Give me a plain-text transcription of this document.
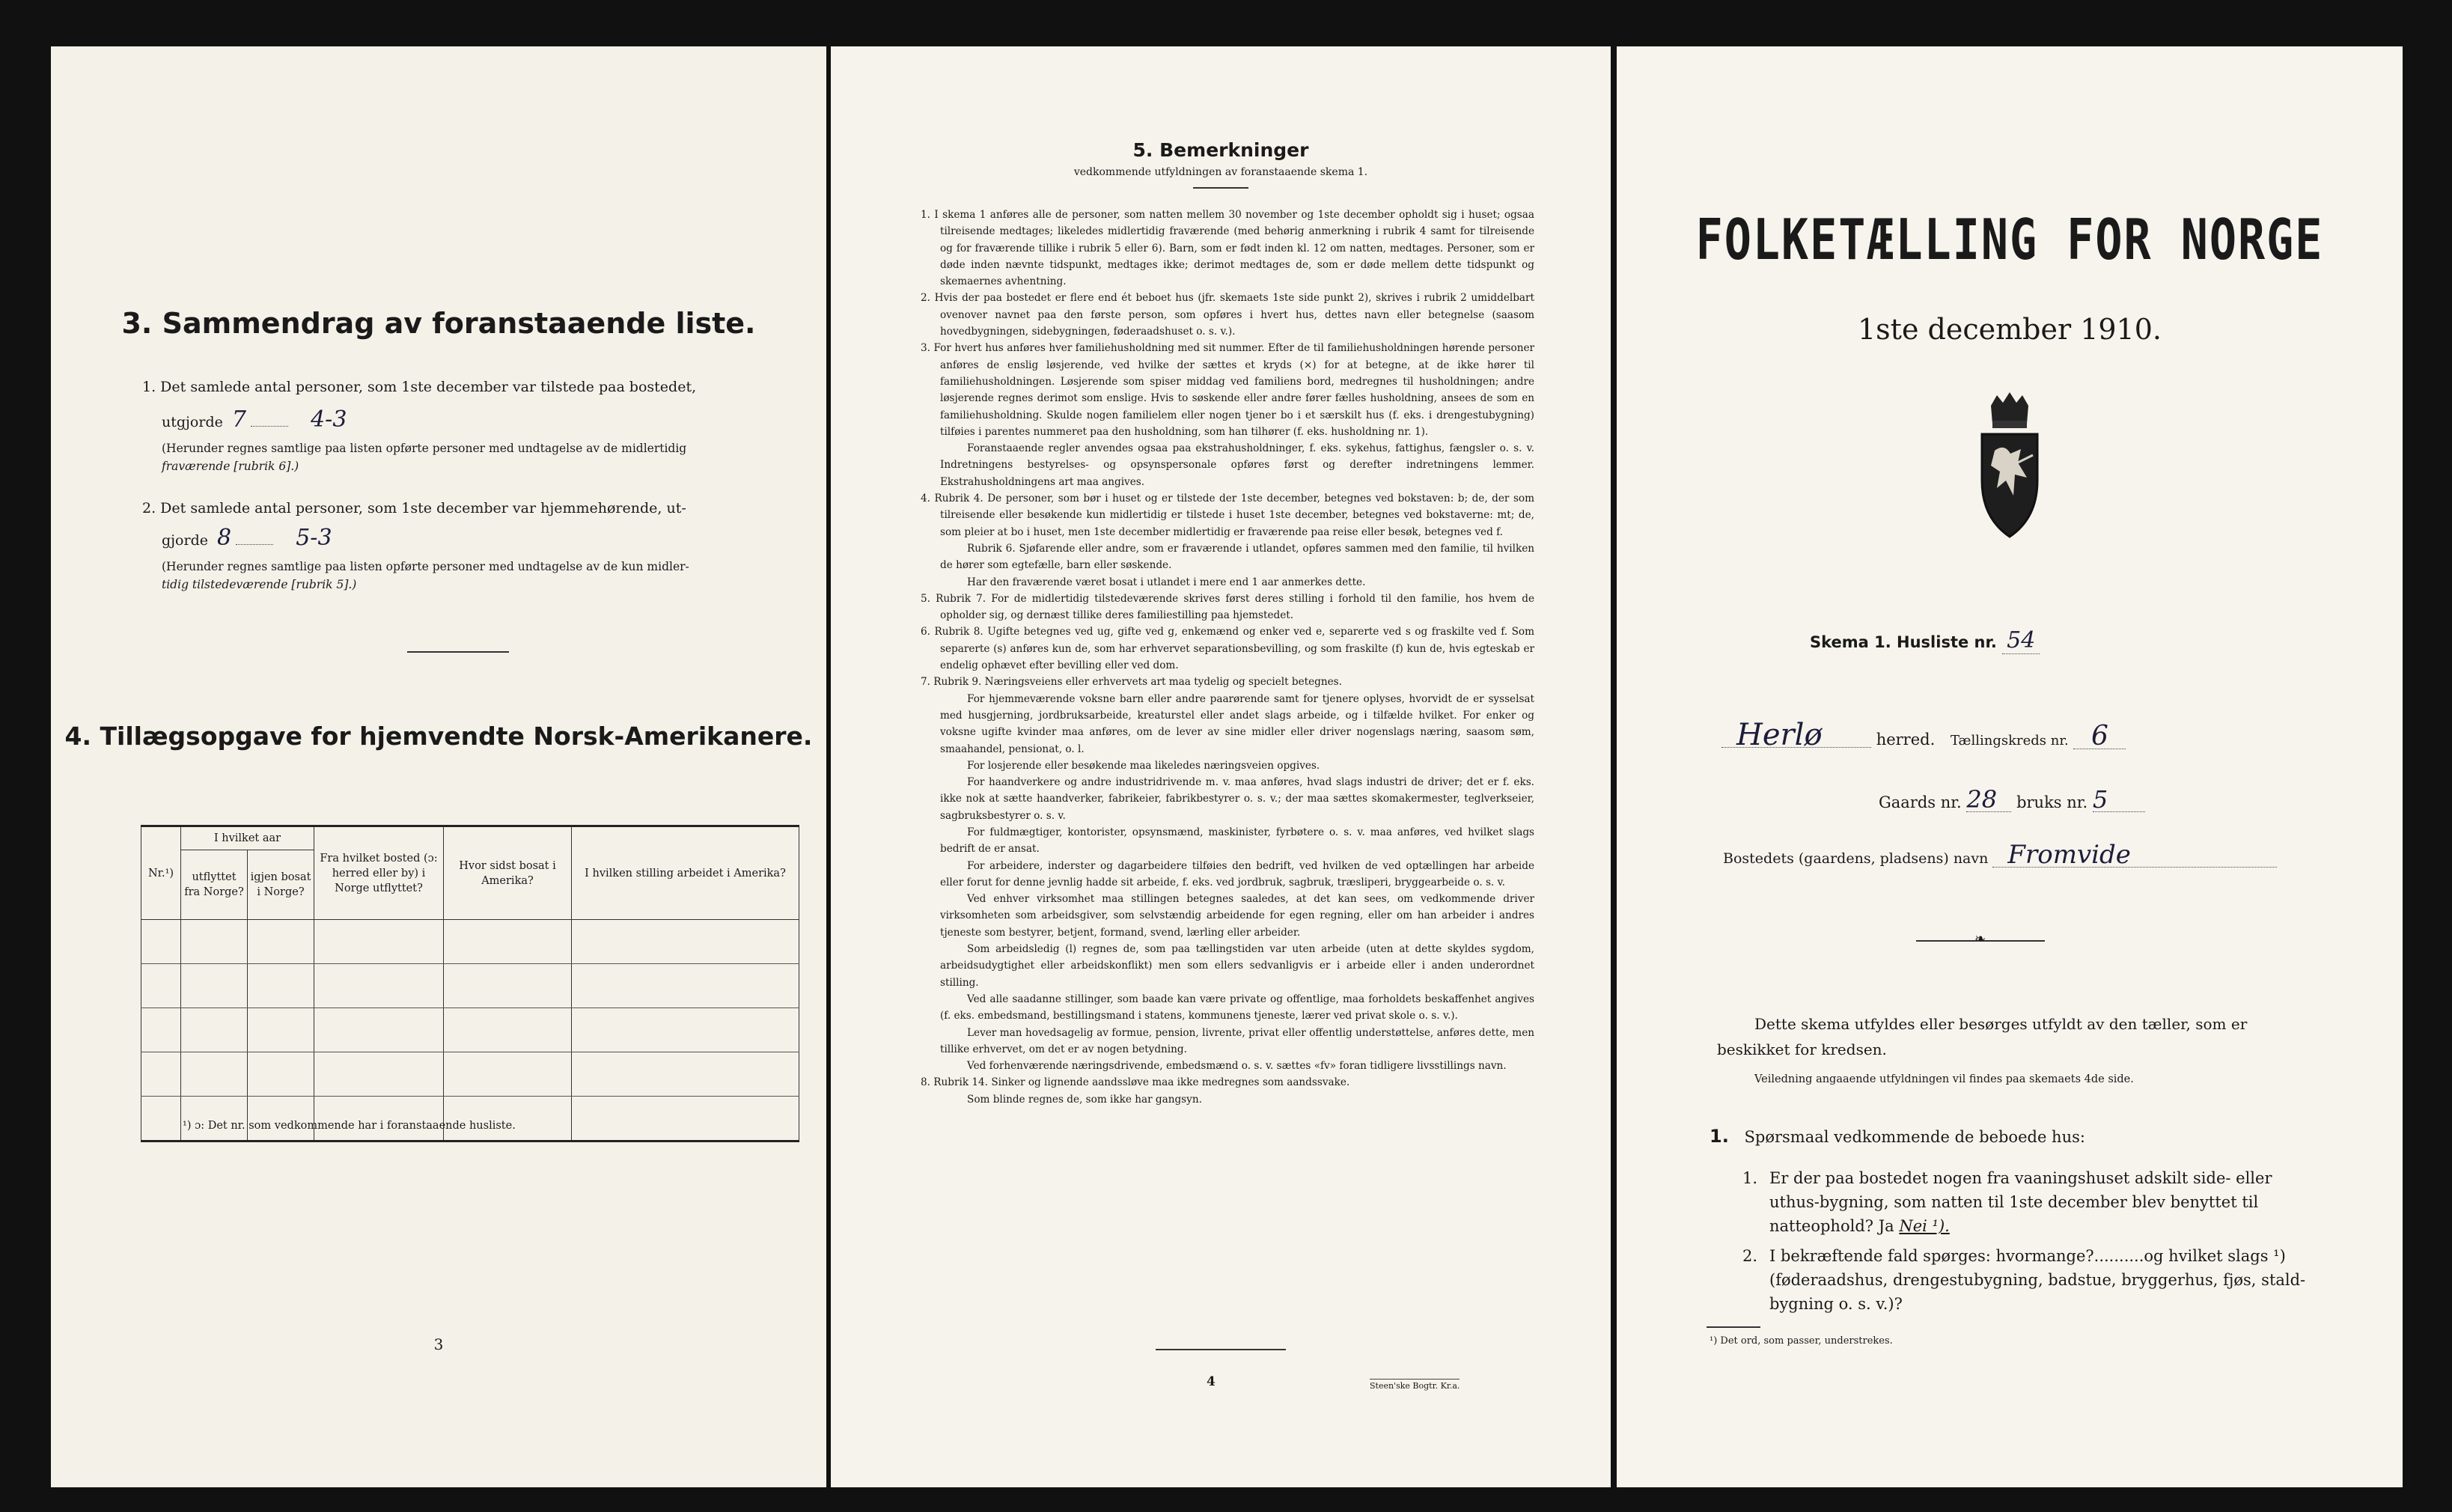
3. Sammendrag av foranstaaende liste.
1. Det samlede antal personer, som 1ste december var tilstede paa bostedet,
utgjorde 7	4-3
(Herunder regnes samtlige paa listen opførte personer med undtagelse av de midlertidig
fraværende [rubrik 6].)
2. Det samlede antal personer, som 1ste december var hjemmehørende, ut-
gjorde 8	5-3
(Herunder regnes samtlige paa listen opførte personer med undtagelse av de kun midler-
tidig tilstedeværende [rubrik 5].)
4. Tillægsopgave for hjemvendte Norsk-Amerikanere.
Nr.¹)	I hvilket aar		Fra hvilket bosted (ɔ: herred eller by) i Norge utflyttet?	Hvor sidst bosat i Amerika?	I hvilken stilling arbeidet i Amerika?
	utflyttet fra Norge?	igjen bosat i Norge?			

¹) ɔ: Det nr. som vedkommende har i foranstaaende husliste.
3
5. Bemerkninger
vedkommende utfyldningen av foranstaaende skema 1.

1. I skema 1 anføres alle de personer, som natten mellem 30 november og 1ste december opholdt sig i huset; ogsaa tilreisende medtages; likeledes midlertidig fraværende (med behørig anmerkning i rubrik 4 samt for tilreisende og for fraværende tillike i rubrik 5 eller 6). Barn, som er født inden kl. 12 om natten, medtages. Personer, som er døde inden nævnte tidspunkt, medtages ikke; derimot medtages de, som er døde mellem dette tidspunkt og skemaernes avhentning.

2. Hvis der paa bostedet er flere end ét beboet hus (jfr. skemaets 1ste side punkt 2), skrives i rubrik 2 umiddelbart ovenover navnet paa den første person, som opføres i hvert hus, dettes navn eller betegnelse (saasom hovedbygningen, sidebygningen, føderaadshuset o. s. v.).

3. For hvert hus anføres hver familiehusholdning med sit nummer. Efter de til familiehusholdningen hørende personer anføres de enslig løsjerende, ved hvilke der sættes et kryds (×) for at betegne, at de ikke hører til familiehusholdningen. Løsjerende som spiser middag ved familiens bord, medregnes til husholdningen; andre løsjerende regnes derimot som enslige. Hvis to søskende eller andre fører fælles husholdning, ansees de som en familiehusholdning. Skulde nogen familielem eller nogen tjener bo i et særskilt hus (f. eks. i drengestubygning) tilføies i parentes nummeret paa den husholdning, som han tilhører (f. eks. husholdning nr. 1).

Foranstaaende regler anvendes ogsaa paa ekstrahusholdninger, f. eks. sykehus, fattighus, fængsler o. s. v. Indretningens bestyrelses- og opsynspersonale opføres først og derefter indretningens lemmer. Ekstrahusholdningens art maa angives.

4. Rubrik 4. De personer, som bør i huset og er tilstede der 1ste december, betegnes ved bokstaven: b; de, der som tilreisende eller besøkende kun midlertidig er tilstede i huset 1ste december, betegnes ved bokstaverne: mt; de, som pleier at bo i huset, men 1ste december midlertidig er fraværende paa reise eller besøk, betegnes ved f.

Rubrik 6. Sjøfarende eller andre, som er fraværende i utlandet, opføres sammen med den familie, til hvilken de hører som egtefælle, barn eller søskende.

Har den fraværende været bosat i utlandet i mere end 1 aar anmerkes dette.

5. Rubrik 7. For de midlertidig tilstedeværende skrives først deres stilling i forhold til den familie, hos hvem de opholder sig, og dernæst tillike deres familiestilling paa hjemstedet.

6. Rubrik 8. Ugifte betegnes ved ug, gifte ved g, enkemænd og enker ved e, separerte ved s og fraskilte ved f. Som separerte (s) anføres kun de, som har erhvervet separationsbevilling, og som fraskilte (f) kun de, hvis egteskab er endelig ophævet efter bevilling eller ved dom.

7. Rubrik 9. Næringsveiens eller erhvervets art maa tydelig og specielt betegnes.

For hjemmeværende voksne barn eller andre paarørende samt for tjenere oplyses, hvorvidt de er sysselsat med husgjerning, jordbruksarbeide, kreaturstel eller andet slags arbeide, og i tilfælde hvilket. For enker og voksne ugifte kvinder maa anføres, om de lever av sine midler eller driver nogenslags næring, saasom søm, smaahandel, pensionat, o. l.

For losjerende eller besøkende maa likeledes næringsveien opgives.

For haandverkere og andre industridrivende m. v. maa anføres, hvad slags industri de driver; det er f. eks. ikke nok at sætte haandverker, fabrikeier, fabrikbestyrer o. s. v.; der maa sættes skomakermester, teglverkseier, sagbruksbestyrer o. s. v.

For fuldmægtiger, kontorister, opsynsmænd, maskinister, fyrbøtere o. s. v. maa anføres, ved hvilket slags bedrift de er ansat.

For arbeidere, inderster og dagarbeidere tilføies den bedrift, ved hvilken de ved optællingen har arbeide eller forut for denne jevnlig hadde sit arbeide, f. eks. ved jordbruk, sagbruk, træsliperi, bryggearbeide o. s. v.

Ved enhver virksomhet maa stillingen betegnes saaledes, at det kan sees, om vedkommende driver virksomheten som arbeidsgiver, som selvstændig arbeidende for egen regning, eller om han arbeider i andres tjeneste som bestyrer, betjent, formand, svend, lærling eller arbeider.

Som arbeidsledig (l) regnes de, som paa tællingstiden var uten arbeide (uten at dette skyldes sygdom, arbeidsudygtighet eller arbeidskonflikt) men som ellers sedvanligvis er i arbeide eller i anden underordnet stilling.

Ved alle saadanne stillinger, som baade kan være private og offentlige, maa forholdets beskaffenhet angives (f. eks. embedsmand, bestillingsmand i statens, kommunens tjeneste, lærer ved privat skole o. s. v.).

Lever man hovedsagelig av formue, pension, livrente, privat eller offentlig understøttelse, anføres dette, men tillike erhvervet, om det er av nogen betydning.

Ved forhenværende næringsdrivende, embedsmænd o. s. v. sættes «fv» foran tidligere livsstillings navn.

8. Rubrik 14. Sinker og lignende aandssløve maa ikke medregnes som aandssvake.

Som blinde regnes de, som ikke har gangsyn.

4	Steen'ske Bogtr. Kr.a.
FOLKETÆLLING FOR NORGE
1ste december 1910.
Skema 1. Husliste nr. 54
Herlø	herred. Tællingskreds nr. 6
Gaards nr. 28 bruks nr. 5
Bostedets (gaardens, pladsens) navn Fromvide
❧
Dette skema utfyldes eller besørges utfyldt av den tæller, som er
beskikket for kredsen.
Veiledning angaaende utfyldningen vil findes paa skemaets 4de side.
1. Spørsmaal vedkommende de beboede hus:
1. Er der paa bostedet nogen fra vaaningshuset adskilt side- eller
uthus-bygning, som natten til 1ste december blev benyttet til
natteophold? Ja Nei ¹).
2. I bekræftende fald spørges: hvormange?..........og hvilket slags ¹)
(føderaadshus, drengestubygning, badstue, bryggerhus, fjøs, stald-
bygning o. s. v.)?
¹) Det ord, som passer, understrekes.
